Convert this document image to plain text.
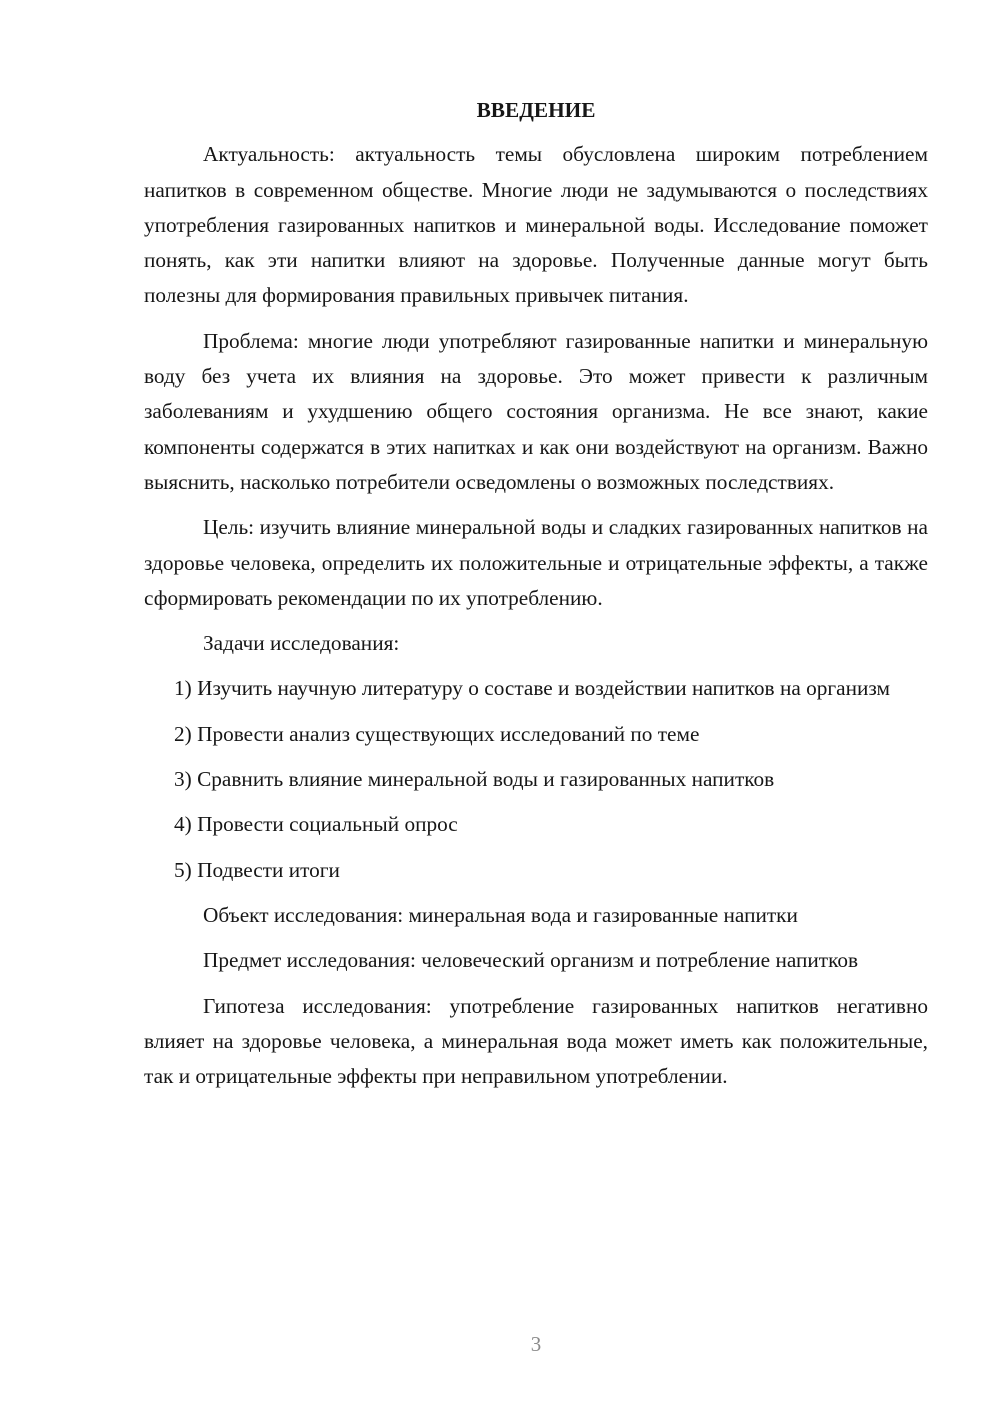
ВВЕДЕНИЕ

Актуальность: актуальность темы обусловлена широким потреблением напитков в современном обществе. Многие люди не задумываются о последствиях употребления газированных напитков и минеральной воды. Исследование поможет понять, как эти напитки влияют на здоровье. Полученные данные могут быть полезны для формирования правильных привычек питания.

Проблема: многие люди употребляют газированные напитки и минеральную воду без учета их влияния на здоровье. Это может привести к различным заболеваниям и ухудшению общего состояния организма. Не все знают, какие компоненты содержатся в этих напитках и как они воздействуют на организм. Важно выяснить, насколько потребители осведомлены о возможных последствиях.

Цель: изучить влияние минеральной воды и сладких газированных напитков на здоровье человека, определить их положительные и отрицательные эффекты, а также сформировать рекомендации по их употреблению.

Задачи исследования:

1) Изучить научную литературу о составе и воздействии напитков на организм

2) Провести анализ существующих исследований по теме

3) Сравнить влияние минеральной воды и газированных напитков

4) Провести социальный опрос

5) Подвести итоги

Объект исследования: минеральная вода и газированные напитки

Предмет исследования: человеческий организм и потребление напитков

Гипотеза исследования: употребление газированных напитков негативно влияет на здоровье человека, а минеральная вода может иметь как положительные, так и отрицательные эффекты при неправильном употреблении.

3
